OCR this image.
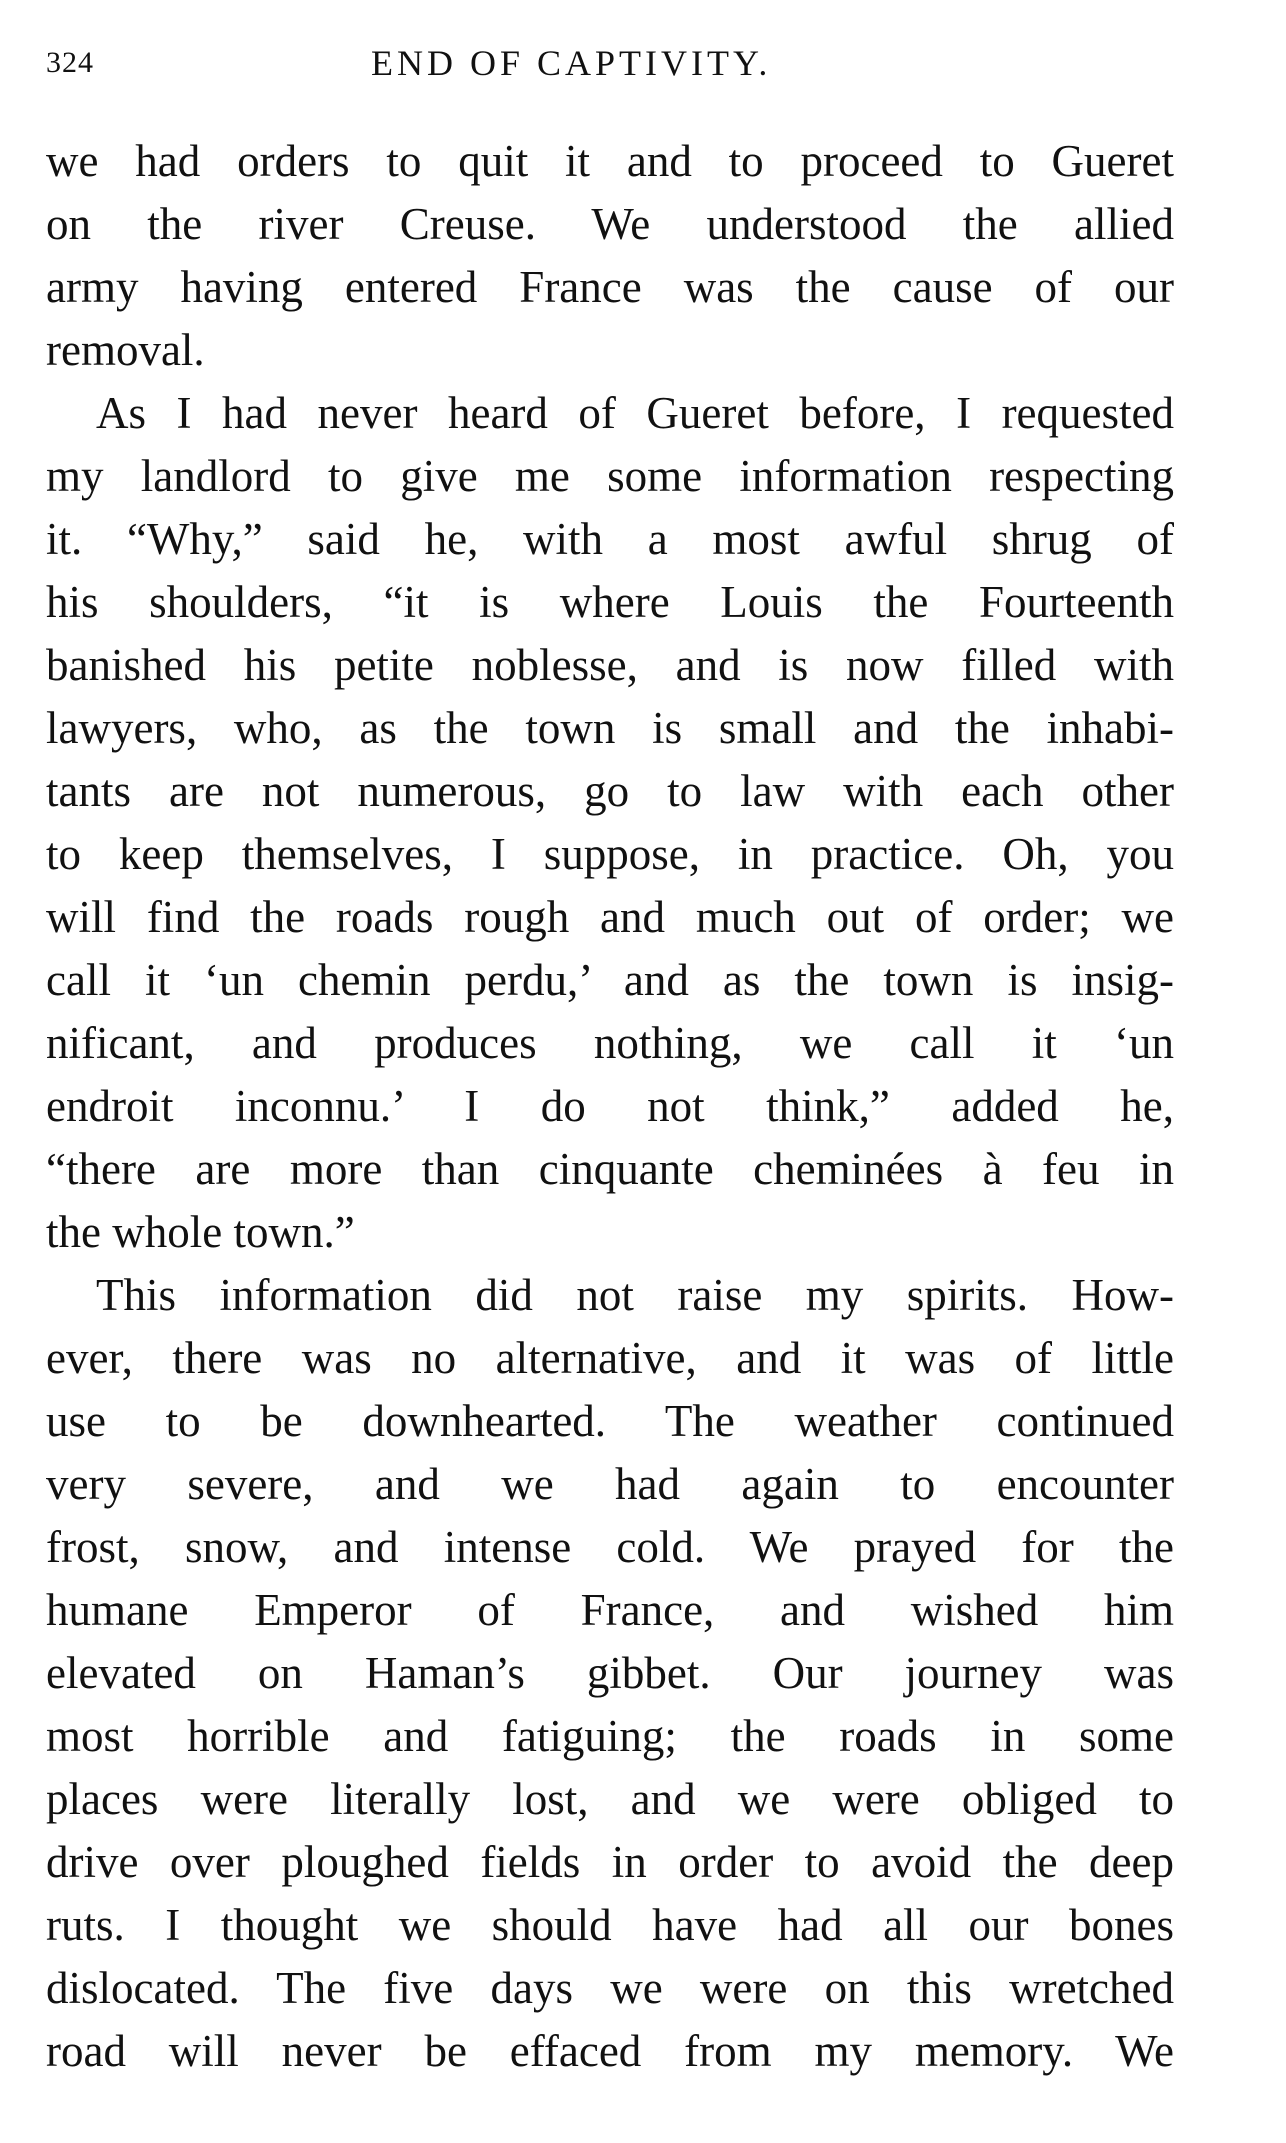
324	END OF CAPTIVITY.
we had orders to quit it and to proceed to Gueret
on the river Creuse. We understood the allied
army having entered France was the cause of our
removal.
As I had never heard of Gueret before, I requested
my landlord to give me some information respecting
it. “Why,” said he, with a most awful shrug of
his shoulders, “it is where Louis the Fourteenth
banished his petite noblesse, and is now filled with
lawyers, who, as the town is small and the inhabi-
tants are not numerous, go to law with each other
to keep themselves, I suppose, in practice. Oh, you
will find the roads rough and much out of order; we
call it ‘un chemin perdu,’ and as the town is insig-
nificant, and produces nothing, we call it ‘un
endroit inconnu.’ I do not think,” added he,
“there are more than cinquante cheminées à feu in
the whole town.”
This information did not raise my spirits. How-
ever, there was no alternative, and it was of little
use to be downhearted. The weather continued
very severe, and we had again to encounter
frost, snow, and intense cold. We prayed for the
humane Emperor of France, and wished him
elevated on Haman’s gibbet. Our journey was
most horrible and fatiguing; the roads in some
places were literally lost, and we were obliged to
drive over ploughed fields in order to avoid the deep
ruts. I thought we should have had all our bones
dislocated. The five days we were on this wretched
road will never be effaced from my memory. We
